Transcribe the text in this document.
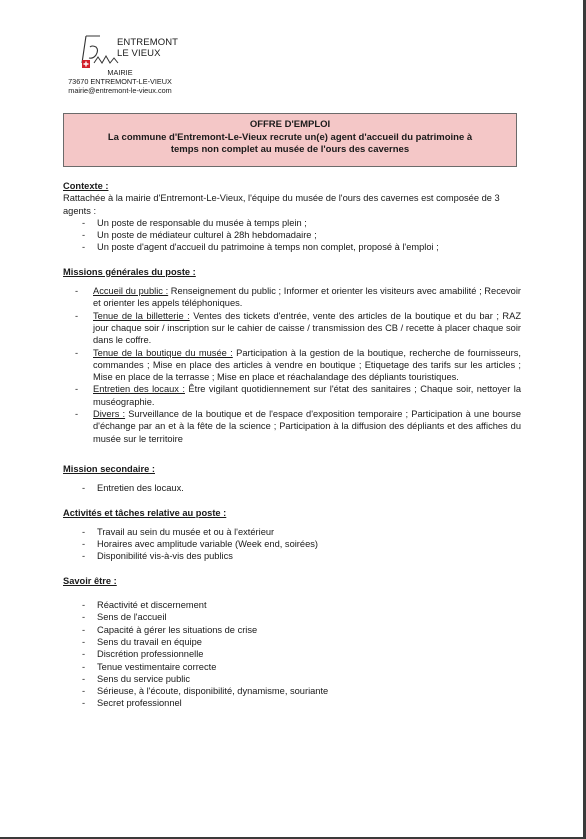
ENTREMONT
LE VIEUX
MAIRIE
73670 ENTREMONT-LE-VIEUX
mairie@entremont-le-vieux.com
OFFRE D'EMPLOI
La commune d'Entremont-Le-Vieux recrute un(e) agent d'accueil du patrimoine à
temps non complet au musée de l'ours des cavernes
Contexte :

Rattachée à la mairie d'Entremont-Le-Vieux, l'équipe du musée de l'ours des cavernes est composée de 3 agents :

- Un poste de responsable du musée à temps plein ;
- Un poste de médiateur culturel à 28h hebdomadaire ;
- Un poste d'agent d'accueil du patrimoine à temps non complet, proposé à l'emploi ;
Missions générales du poste :
- Accueil du public : Renseignement du public ; Informer et orienter les visiteurs avec amabilité ; Recevoir et orienter les appels téléphoniques.
- Tenue de la billetterie : Ventes des tickets d'entrée, vente des articles de la boutique et du bar ; RAZ jour chaque soir / inscription sur le cahier de caisse / transmission des CB / recette à placer chaque soir dans le coffre.
- Tenue de la boutique du musée : Participation à la gestion de la boutique, recherche de fournisseurs, commandes ; Mise en place des articles à vendre en boutique ; Etiquetage des tarifs sur les articles ; Mise en place de la terrasse ; Mise en place et réachalandage des dépliants touristiques.
- Entretien des locaux : Être vigilant quotidiennement sur l'état des sanitaires ; Chaque soir, nettoyer la muséographie.
- Divers : Surveillance de la boutique et de l'espace d'exposition temporaire ; Participation à une bourse d'échange par an et à la fête de la science ; Participation à la diffusion des dépliants et des affiches du musée sur le territoire
Mission secondaire :
- Entretien des locaux.
Activités et tâches relative au poste :
- Travail au sein du musée et ou à l'extérieur
- Horaires avec amplitude variable (Week end, soirées)
- Disponibilité vis-à-vis des publics
Savoir être :
- Réactivité et discernement
- Sens de l'accueil
- Capacité à gérer les situations de crise
- Sens du travail en équipe
- Discrétion professionnelle
- Tenue vestimentaire correcte
- Sens du service public
- Sérieuse, à l'écoute, disponibilité, dynamisme, souriante
- Secret professionnel
